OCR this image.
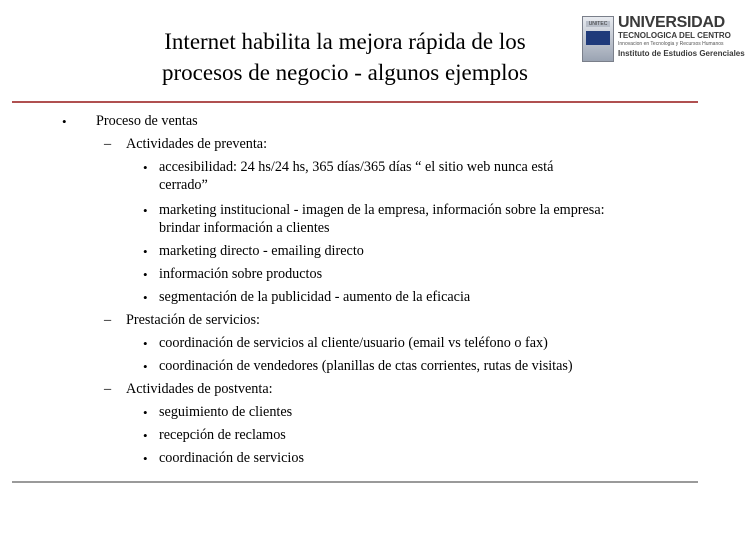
Internet habilita la mejora rápida de los
procesos de negocio - algunos ejemplos
UNITEC UNIVERSIDAD
TECNOLOGICA DEL CENTRO
Innovacion en Tecnologia y Recursos Humanos
Instituto de Estudios Gerenciales
• Proceso de ventas
– Actividades de preventa:
• accesibilidad: 24 hs/24 hs, 365 días/365 días “ el sitio web nunca está
cerrado”
• marketing institucional - imagen de la empresa, información sobre la empresa:
brindar información a clientes
• marketing directo - emailing directo
• información sobre productos
• segmentación de la publicidad - aumento de la eficacia
– Prestación de servicios:
• coordinación de servicios al cliente/usuario (email vs teléfono o fax)
• coordinación de vendedores (planillas de ctas corrientes, rutas de visitas)
– Actividades de postventa:
• seguimiento de clientes
• recepción de reclamos
• coordinación de servicios
